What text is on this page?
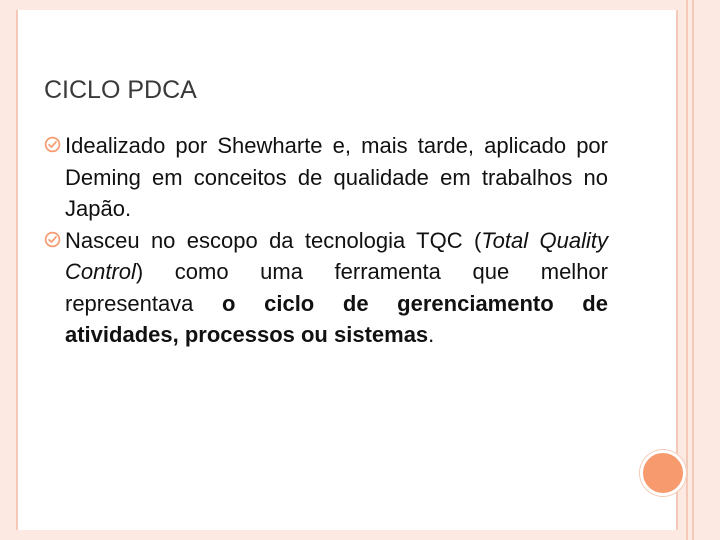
CICLO PDCA
Idealizado por Shewharte e, mais tarde, aplicado por Deming em conceitos de qualidade em trabalhos no Japão.
Nasceu no escopo da tecnologia TQC (Total Quality Control) como uma ferramenta que melhor representava o ciclo de gerenciamento de atividades, processos ou sistemas.
